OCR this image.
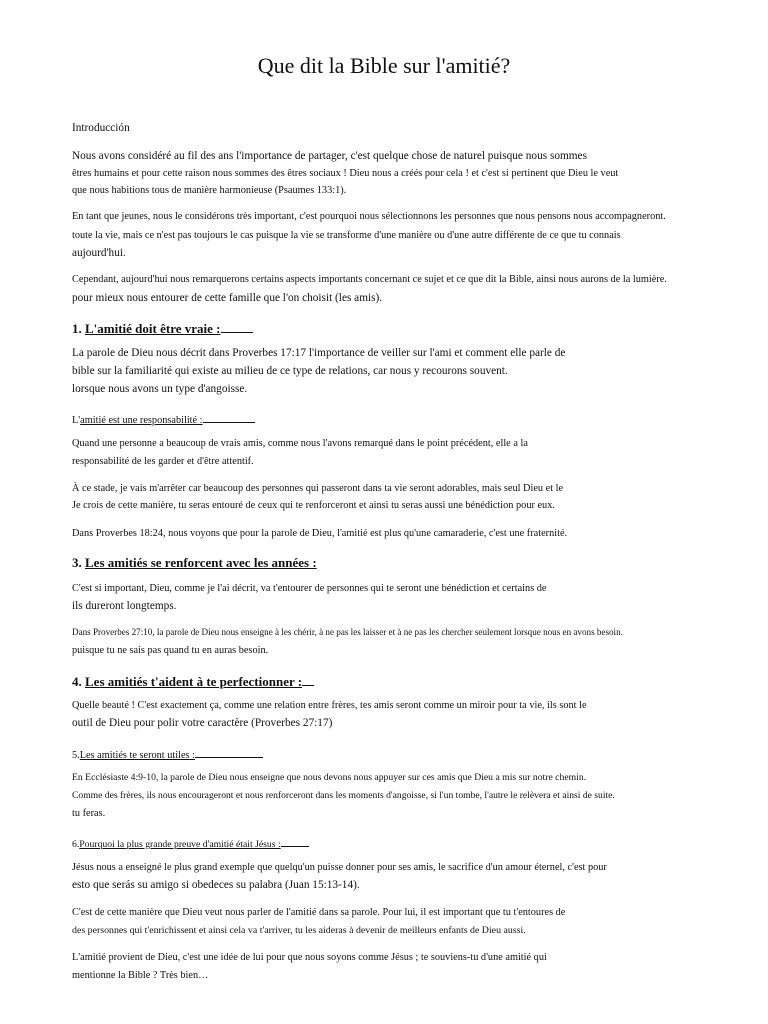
Que dit la Bible sur l'amitié?
Introducción
Nous avons considéré au fil des ans l'importance de partager, c'est quelque chose de naturel puisque nous sommes
êtres humains et pour cette raison nous sommes des êtres sociaux ! Dieu nous a créés pour cela ! et c'est si pertinent que Dieu le veut
que nous habitions tous de manière harmonieuse (Psaumes 133:1).
En tant que jeunes, nous le considérons très important, c'est pourquoi nous sélectionnons les personnes que nous pensons nous accompagneront.
toute la vie, mais ce n'est pas toujours le cas puisque la vie se transforme d'une manière ou d'une autre différente de ce que tu connais
aujourd'hui.
Cependant, aujourd'hui nous remarquerons certains aspects importants concernant ce sujet et ce que dit la Bible, ainsi nous aurons de la lumière.
pour mieux nous entourer de cette famille que l'on choisit (les amis).
1. L'amitié doit être vraie :
La parole de Dieu nous décrit dans Proverbes 17:17 l'importance de veiller sur l'ami et comment elle parle de
bible sur la familiarité qui existe au milieu de ce type de relations, car nous y recourons souvent.
lorsque nous avons un type d'angoisse.
L'amitié est une responsabilité :
Quand une personne a beaucoup de vrais amis, comme nous l'avons remarqué dans le point précédent, elle a la
responsabilité de les garder et d'être attentif.
À ce stade, je vais m'arrêter car beaucoup des personnes qui passeront dans ta vie seront adorables, mais seul Dieu et le
Je crois de cette manière, tu seras entouré de ceux qui te renforceront et ainsi tu seras aussi une bénédiction pour eux.
Dans Proverbes 18:24, nous voyons que pour la parole de Dieu, l'amitié est plus qu'une camaraderie, c'est une fraternité.
3. Les amitiés se renforcent avec les années :
C'est si important, Dieu, comme je l'ai décrit, va t'entourer de personnes qui te seront une bénédiction et certains de
ils dureront longtemps.
Dans Proverbes 27:10, la parole de Dieu nous enseigne à les chérir, à ne pas les laisser et à ne pas les chercher seulement lorsque nous en avons besoin.
puisque tu ne sais pas quand tu en auras besoin.
4. Les amitiés t'aident à te perfectionner :
Quelle beauté ! C'est exactement ça, comme une relation entre frères, tes amis seront comme un miroir pour ta vie, ils sont le
outil de Dieu pour polir votre caractère (Proverbes 27:17)
5.Les amitiés te seront utiles :
En Ecclésiaste 4:9-10, la parole de Dieu nous enseigne que nous devons nous appuyer sur ces amis que Dieu a mis sur notre chemin.
Comme des frères, ils nous encourageront et nous renforceront dans les moments d'angoisse, si l'un tombe, l'autre le relèvera et ainsi de suite.
tu feras.
6.Pourquoi la plus grande preuve d'amitié était Jésus :
Jésus nous a enseigné le plus grand exemple que quelqu'un puisse donner pour ses amis, le sacrifice d'un amour éternel, c'est pour
esto que serás su amigo si obedeces su palabra (Juan 15:13-14).
C'est de cette manière que Dieu veut nous parler de l'amitié dans sa parole. Pour lui, il est important que tu t'entoures de
des personnes qui t'enrichissent et ainsi cela va t'arriver, tu les aideras à devenir de meilleurs enfants de Dieu aussi.
L'amitié provient de Dieu, c'est une idée de lui pour que nous soyons comme Jésus ; te souviens-tu d'une amitié qui
mentionne la Bible ? Très bien…
